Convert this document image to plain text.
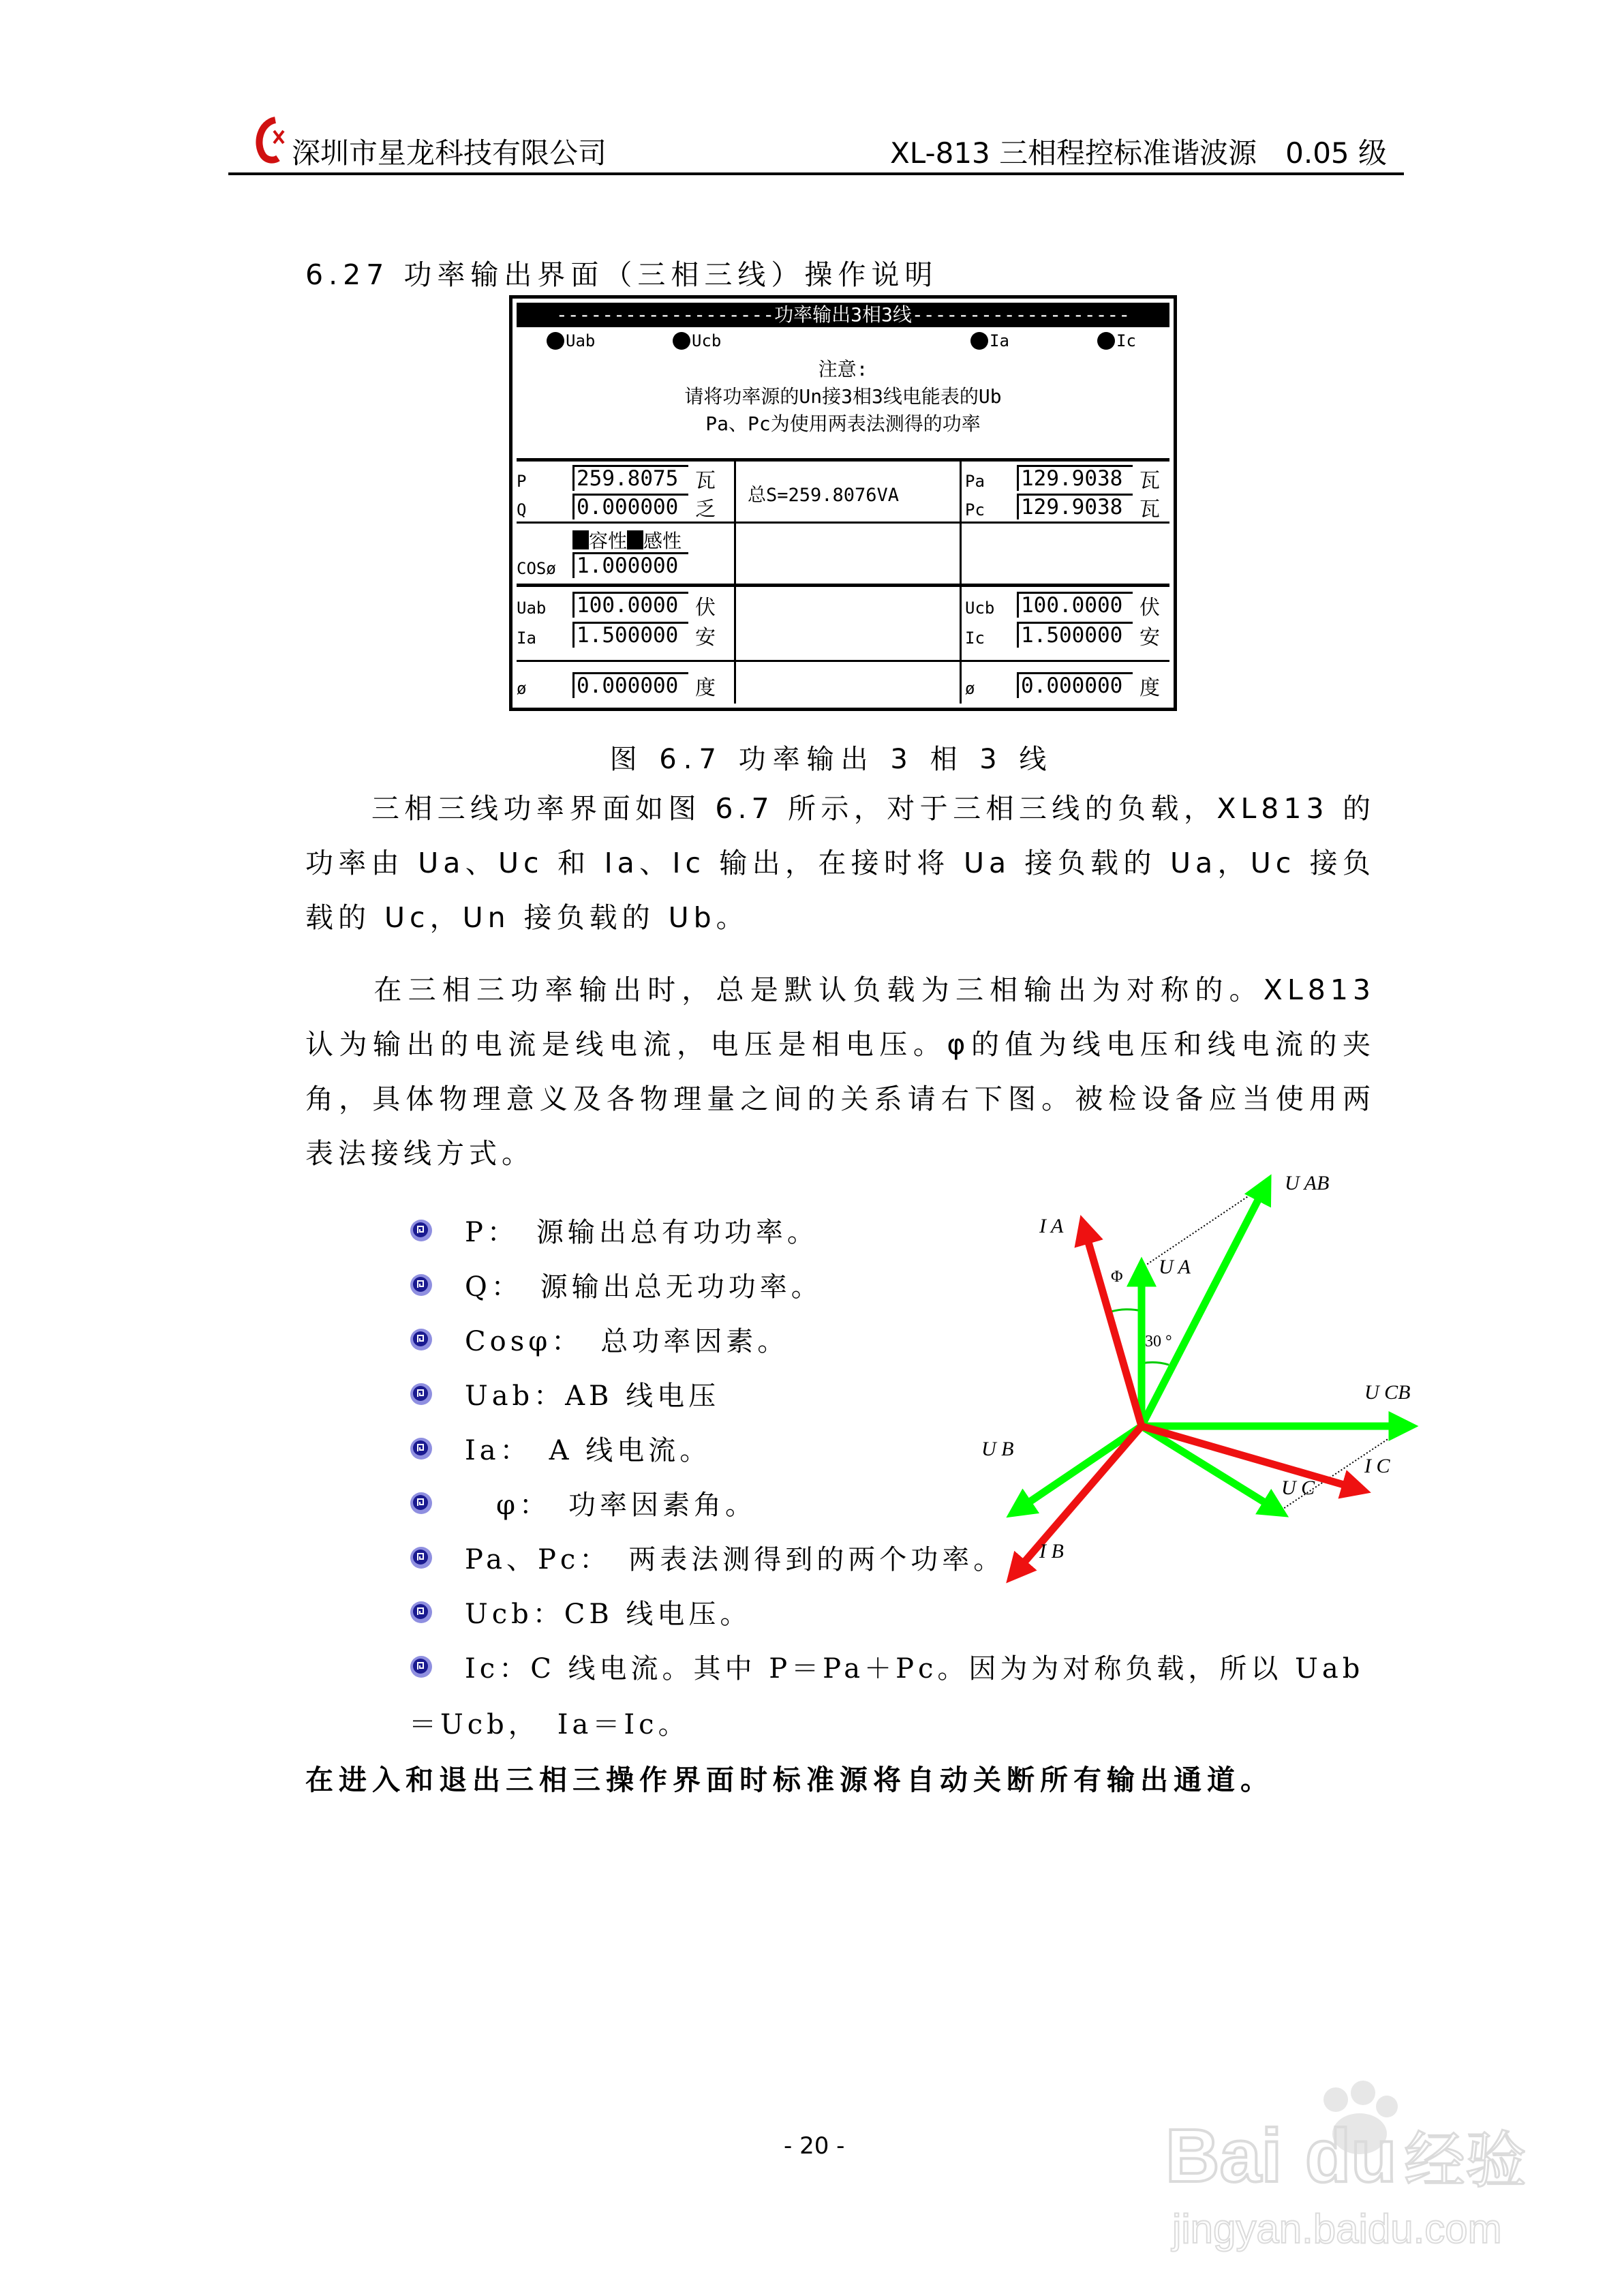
深圳市星龙科技有限公司	XL-813 三相程控标准谐波源　0.05 级
6.27 功率输出界面（三相三线）操作说明
-------------------功率输出3相3线-------------------
Uab	Ucb	Ia	Ic
注意:
请将功率源的Un接3相3线电能表的Ub
Pa、Pc为使用两表法测得的功率
P 259.8075 瓦
Q 0.000000 乏
容性 感性
COSø 1.000000
Uab 100.0000 伏
Ia 1.500000 安
ø 0.000000 度
总S=259.8076VA
Pa 129.9038 瓦
Pc 129.9038 瓦
Ucb 100.0000 伏
Ic 1.500000 安
ø 0.000000 度
图 6.7 功率输出 3 相 3 线
　　三相三线功率界面如图 6.7 所示，对于三相三线的负载，XL813 的功率由 Ua、Uc 和 Ia、Ic 输出，在接时将 Ua 接负载的 Ua，Uc 接负载的 Uc，Un 接负载的 Ub。
　　在三相三功率输出时，总是默认负载为三相输出为对称的。XL813 认为输出的电流是线电流，电压是相电压。φ的值为线电压和线电流的夹角，具体物理意义及各物理量之间的关系请右下图。被检设备应当使用两表法接线方式。
P：　源输出总有功功率。
Q：　源输出总无功功率。
Cosφ：　总功率因素。
Uab：AB 线电压
Ia：　A 线电流。
　φ：　功率因素角。
Pa、Pc：　两表法测得到的两个功率。
Ucb：CB 线电压。
Ic：C 线电流。其中 P＝Pa＋Pc。因为为对称负载，所以 Uab
＝Ucb，　Ia＝Ic。
在进入和退出三相三操作界面时标准源将自动关断所有输出通道。
U AB
I A
U A
Φ
30 °
U CB
I C
U C
U B
I B
- 20 -	Bai du 经验
jingyan.baidu.com
